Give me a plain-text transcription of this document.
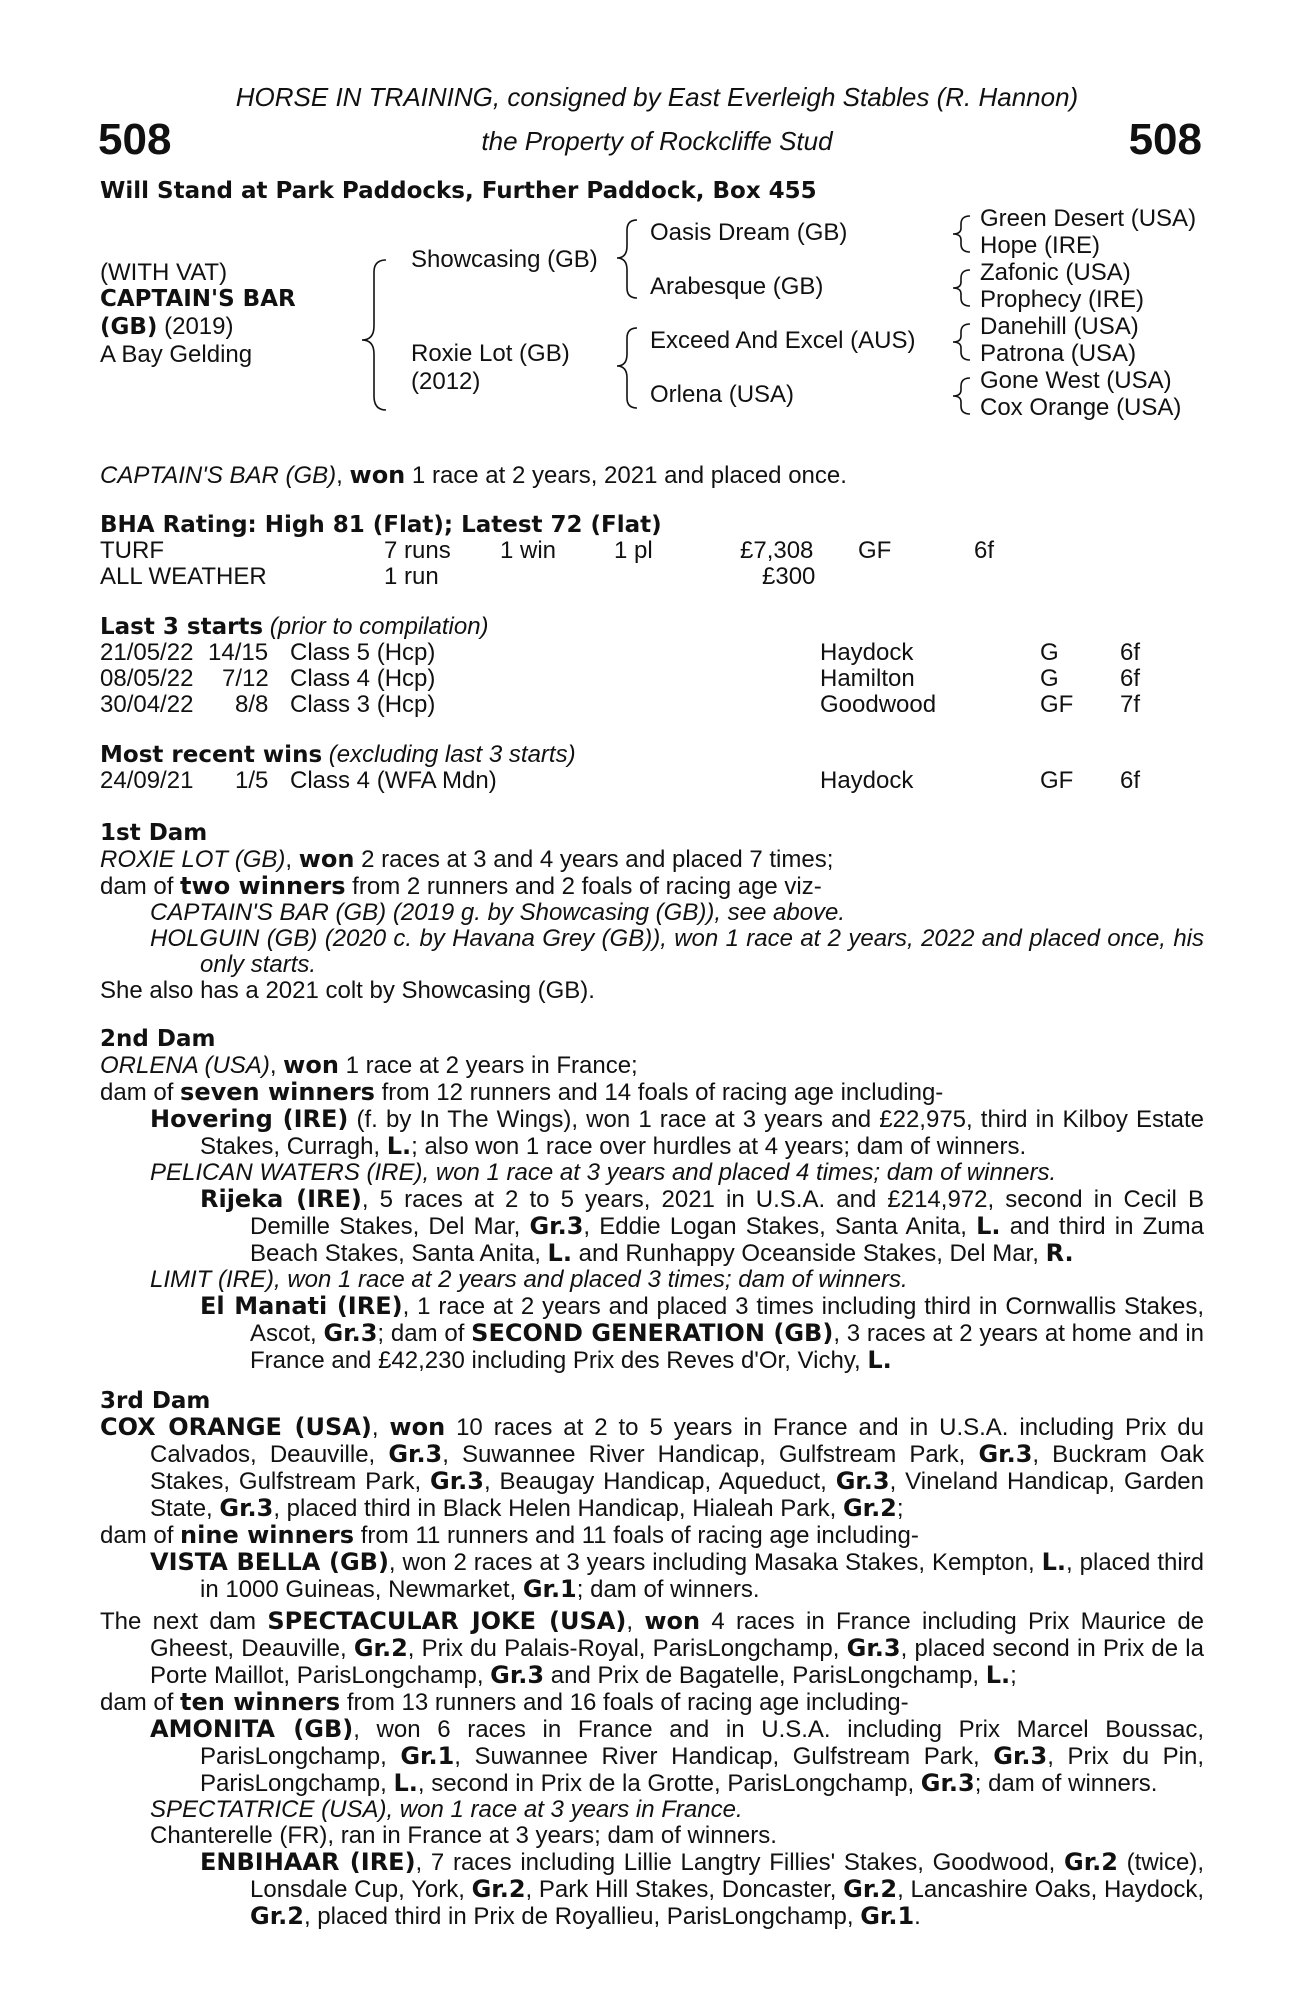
HORSE IN TRAINING, consigned by East Everleigh Stables (R. Hannon)
508	the Property of Rockcliffe Stud	508
Will Stand at Park Paddocks, Further Paddock, Box 455
(WITH VAT)
CAPTAIN'S BAR
(GB) (2019)
A Bay Gelding
Showcasing (GB)
Roxie Lot (GB)
(2012)
Oasis Dream (GB)
Arabesque (GB)
Exceed And Excel (AUS)
Orlena (USA)
Green Desert (USA)
Hope (IRE)
Zafonic (USA)
Prophecy (IRE)
Danehill (USA)
Patrona (USA)
Gone West (USA)
Cox Orange (USA)
CAPTAIN'S BAR (GB), won 1 race at 2 years, 2021 and placed once.
BHA Rating: High 81 (Flat); Latest 72 (Flat)
TURF	7 runs 1 win 1 pl	£7,308 GF	6f
ALL WEATHER	1 run	£300
Last 3 starts (prior to compilation)
21/05/22 14/15 Class 5 (Hcp)	Haydock	G	6f
08/05/22 7/12 Class 4 (Hcp)	Hamilton	G	6f
30/04/22 8/8 Class 3 (Hcp)	Goodwood	GF 7f
Most recent wins (excluding last 3 starts)
24/09/21 1/5 Class 4 (WFA Mdn)	Haydock	GF 6f
1st Dam

ROXIE LOT (GB), won 2 races at 3 and 4 years and placed 7 times;

dam of two winners from 2 runners and 2 foals of racing age viz-

CAPTAIN'S BAR (GB) (2019 g. by Showcasing (GB)), see above.

HOLGUIN (GB) (2020 c. by Havana Grey (GB)), won 1 race at 2 years, 2022 and placed once, his only starts.

She also has a 2021 colt by Showcasing (GB).

2nd Dam

ORLENA (USA), won 1 race at 2 years in France;

dam of seven winners from 12 runners and 14 foals of racing age including-

Hovering (IRE) (f. by In The Wings), won 1 race at 3 years and £22,975, third in Kilboy Estate Stakes, Curragh, L.; also won 1 race over hurdles at 4 years; dam of winners.

PELICAN WATERS (IRE), won 1 race at 3 years and placed 4 times; dam of winners.

Rijeka (IRE), 5 races at 2 to 5 years, 2021 in U.S.A. and £214,972, second in Cecil B Demille Stakes, Del Mar, Gr.3, Eddie Logan Stakes, Santa Anita, L. and third in Zuma Beach Stakes, Santa Anita, L. and Runhappy Oceanside Stakes, Del Mar, R.

LIMIT (IRE), won 1 race at 2 years and placed 3 times; dam of winners.

El Manati (IRE), 1 race at 2 years and placed 3 times including third in Cornwallis Stakes, Ascot, Gr.3; dam of SECOND GENERATION (GB), 3 races at 2 years at home and in France and £42,230 including Prix des Reves d'Or, Vichy, L.

3rd Dam

COX ORANGE (USA), won 10 races at 2 to 5 years in France and in U.S.A. including Prix du Calvados, Deauville, Gr.3, Suwannee River Handicap, Gulfstream Park, Gr.3, Buckram Oak Stakes, Gulfstream Park, Gr.3, Beaugay Handicap, Aqueduct, Gr.3, Vineland Handicap, Garden State, Gr.3, placed third in Black Helen Handicap, Hialeah Park, Gr.2;

dam of nine winners from 11 runners and 11 foals of racing age including-

VISTA BELLA (GB), won 2 races at 3 years including Masaka Stakes, Kempton, L., placed third in 1000 Guineas, Newmarket, Gr.1; dam of winners.

The next dam SPECTACULAR JOKE (USA), won 4 races in France including Prix Maurice de Gheest, Deauville, Gr.2, Prix du Palais-Royal, ParisLongchamp, Gr.3, placed second in Prix de la Porte Maillot, ParisLongchamp, Gr.3 and Prix de Bagatelle, ParisLongchamp, L.;

dam of ten winners from 13 runners and 16 foals of racing age including-

AMONITA (GB), won 6 races in France and in U.S.A. including Prix Marcel Boussac, ParisLongchamp, Gr.1, Suwannee River Handicap, Gulfstream Park, Gr.3, Prix du Pin, ParisLongchamp, L., second in Prix de la Grotte, ParisLongchamp, Gr.3; dam of winners.

SPECTATRICE (USA), won 1 race at 3 years in France.

Chanterelle (FR), ran in France at 3 years; dam of winners.

ENBIHAAR (IRE), 7 races including Lillie Langtry Fillies' Stakes, Goodwood, Gr.2 (twice), Lonsdale Cup, York, Gr.2, Park Hill Stakes, Doncaster, Gr.2, Lancashire Oaks, Haydock, Gr.2, placed third in Prix de Royallieu, ParisLongchamp, Gr.1.
